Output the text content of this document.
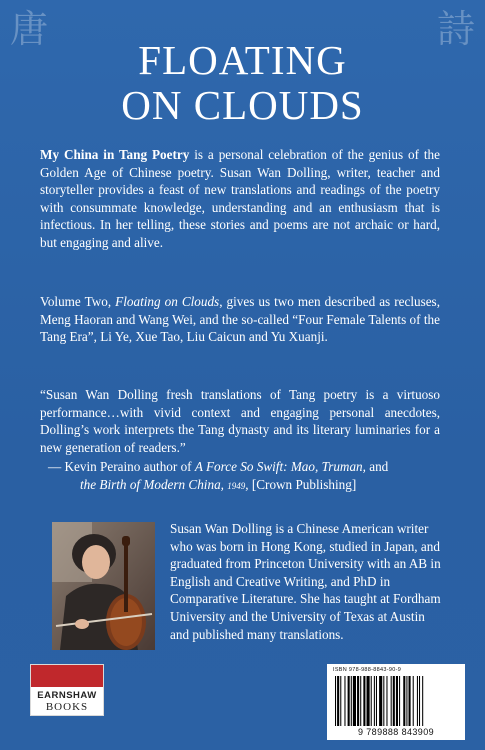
唐	詩
FLOATING
ON CLOUDS
My China in Tang Poetry is a personal celebration of the genius of the Golden Age of Chinese poetry. Susan Wan Dolling, writer, teacher and storyteller provides a feast of new translations and readings of the poetry with consummate knowledge, understanding and an enthusiasm that is infectious. In her telling, these stories and poems are not archaic or hard, but engaging and alive.
Volume Two, Floating on Clouds, gives us two men described as recluses, Meng Haoran and Wang Wei, and the so-called “Four Female Talents of the Tang Era”, Li Ye, Xue Tao, Liu Caicun and Yu Xuanji.
“Susan Wan Dolling fresh translations of Tang poetry is a virtuoso performance…with vivid context and engaging personal anecdotes, Dolling’s work interprets the Tang dynasty and its literary luminaries for a new generation of readers.”
— Kevin Peraino author of A Force So Swift: Mao, Truman, and
the Birth of Modern China, 1949, [Crown Publishing]
Susan Wan Dolling is a Chinese American writer who was born in Hong Kong, studied in Japan, and graduated from Princeton University with an AB in English and Creative Writing, and PhD in Comparative Literature. She has taught at Fordham University and the University of Texas at Austin and published many translations.
EARNSHAW
BOOKS
ISBN 978-988-8843-90-9
9 789888 843909
